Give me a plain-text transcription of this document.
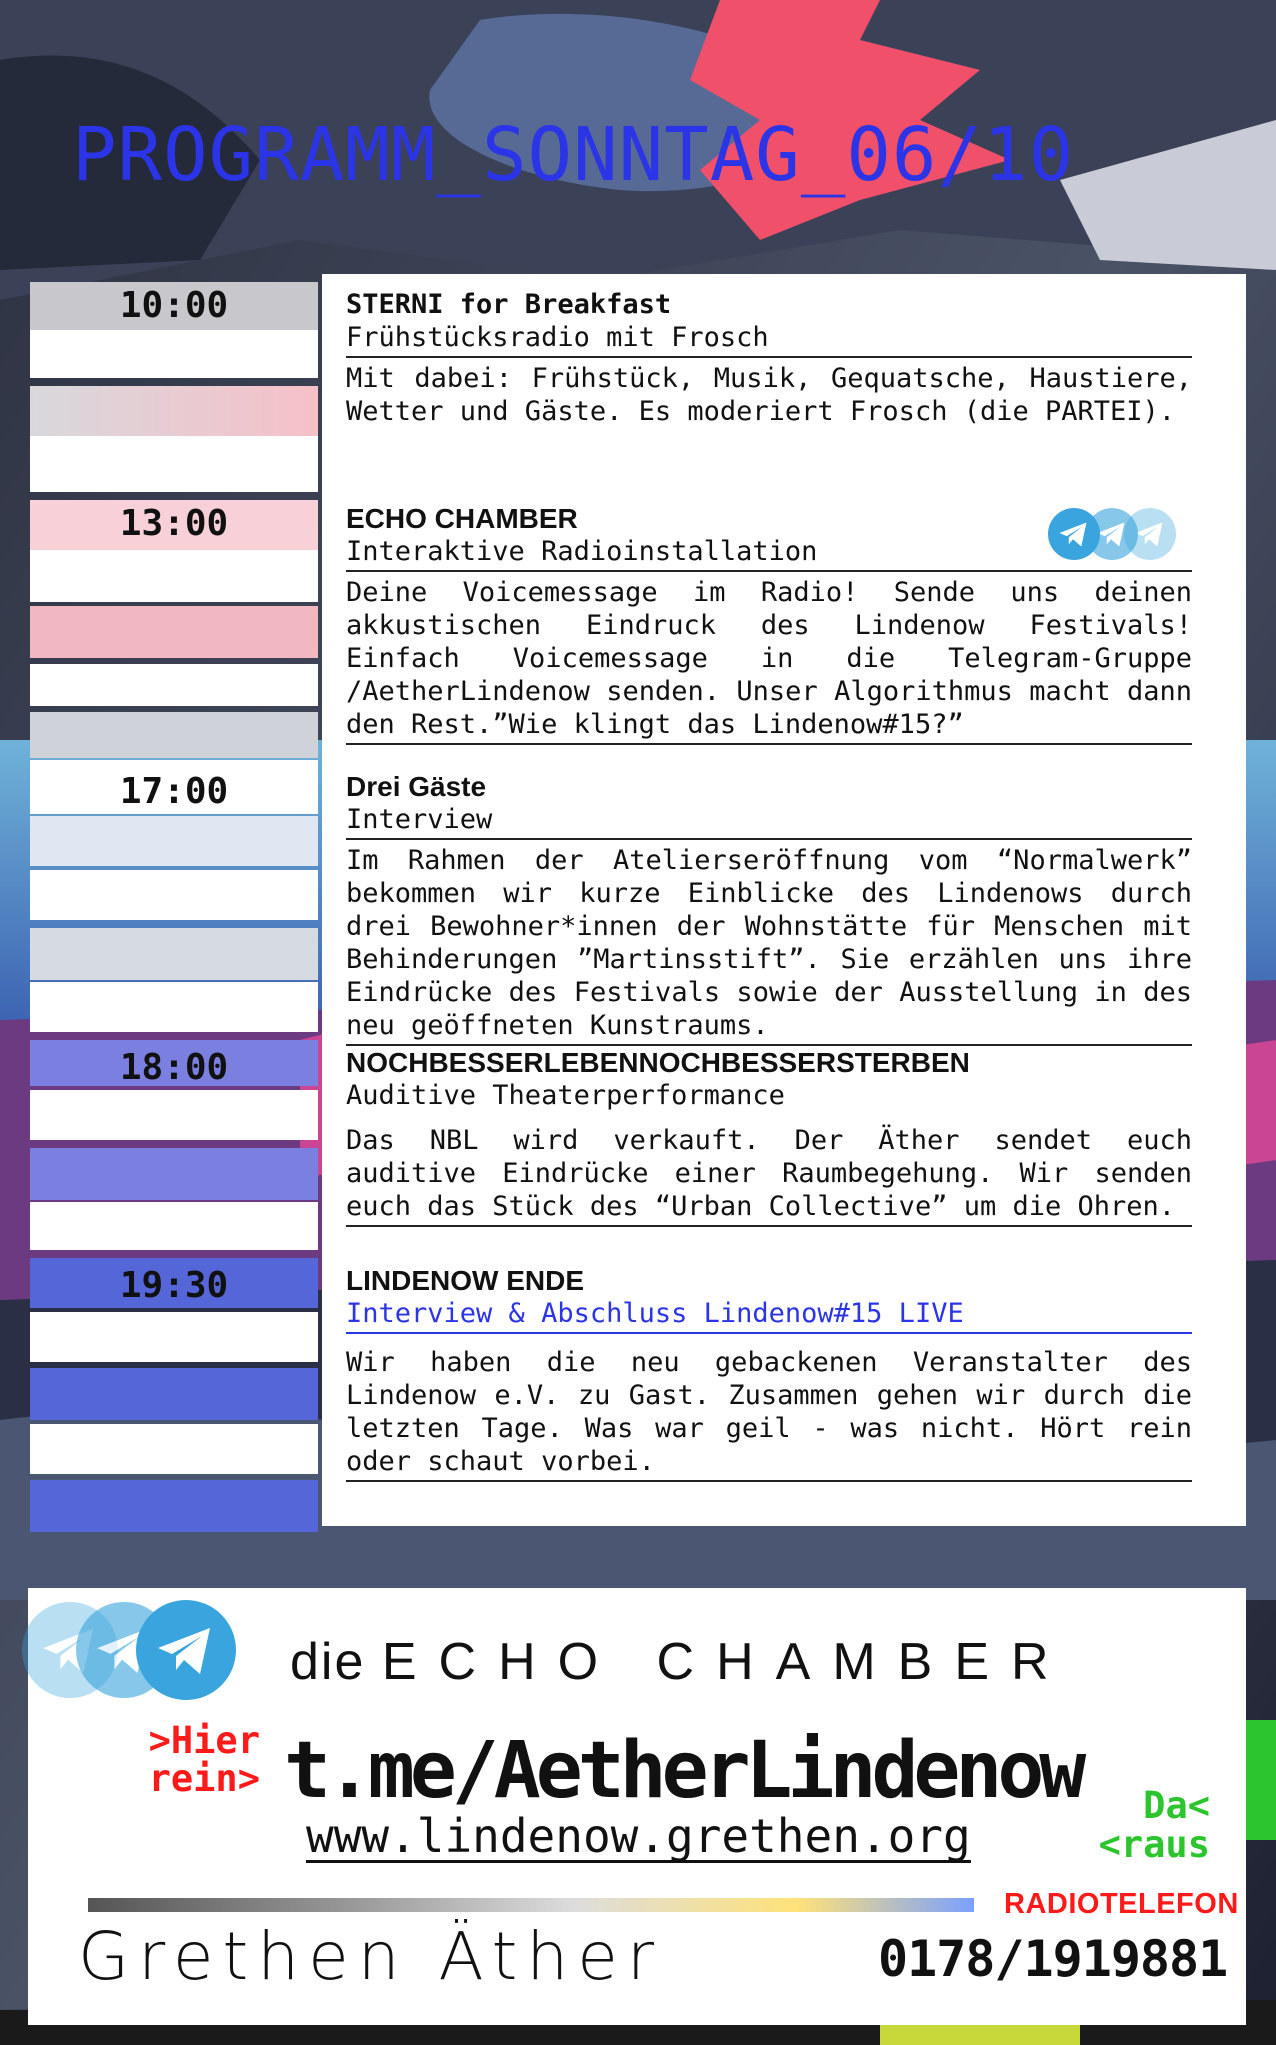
PROGRAMM_SONNTAG_06/10
10:00
13:00
17:00
18:00
19:30
STERNI for Breakfast
Frühstücksradio mit Frosch
Mit dabei: Frühstück, Musik, Gequatsche, Haustiere, Wetter und Gäste. Es moderiert Frosch (die PARTEI).
ECHO CHAMBER
Interaktive Radioinstallation
Deine Voicemessage im Radio! Sende uns deinen akkustischen Eindruck des Lindenow Festivals! Einfach Voicemessage in die Telegram-Gruppe /AetherLindenow senden. Unser Algorithmus macht dann den Rest.”Wie klingt das Lindenow#15?”
Drei Gäste
Interview
Im Rahmen der Atelierseröffnung vom “Normalwerk” bekommen wir kurze Einblicke des Lindenows durch drei Bewohner*innen der Wohnstätte für Menschen mit Behinderungen ”Martinsstift”. Sie erzählen uns ihre Eindrücke des Festivals sowie der Ausstellung in des neu geöffneten Kunstraums.
NOCHBESSERLEBENNOCHBESSERSTERBEN
Auditive Theaterperformance
Das NBL wird verkauft. Der Äther sendet euch auditive Eindrücke einer Raumbegehung. Wir senden euch das Stück des “Urban Collective” um die Ohren.
LINDENOW ENDE
Interview & Abschluss Lindenow#15 LIVE
Wir haben die neu gebackenen Veranstalter des Lindenow e.V. zu Gast. Zusammen gehen wir durch die letzten Tage. Was war geil - was nicht. Hört rein oder schaut vorbei.
die ECHO CHAMBER
>Hier
rein> t.me/AetherLindenow
www.lindenow.grethen.org
Da<
<raus
RADIOTELEFON
Grethen Äther	0178/1919881
